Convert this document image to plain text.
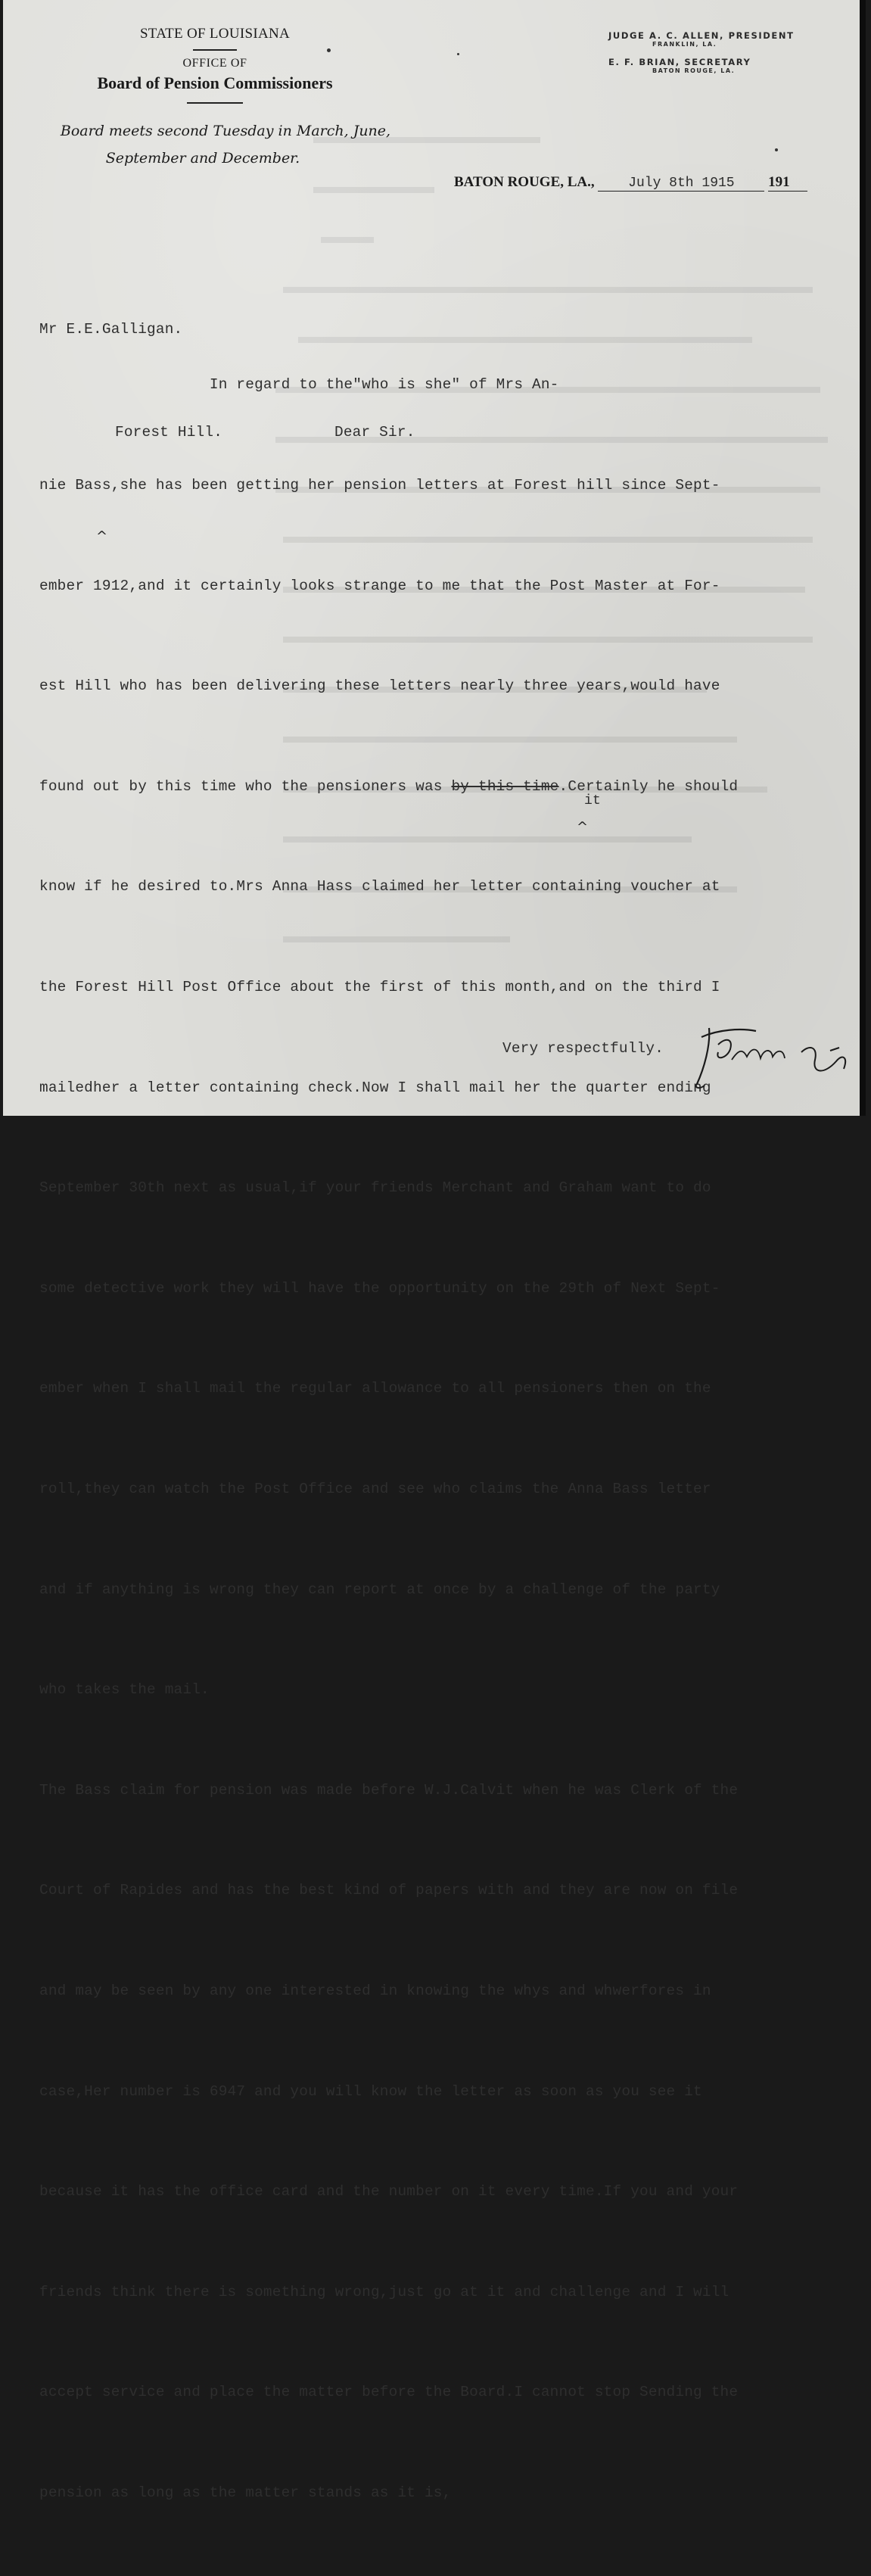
STATE OF LOUISIANA
OFFICE OF
Board of Pension Commissioners
Board meets second Tuesday in March, June,
September and December.
JUDGE A. C. ALLEN, PRESIDENT
FRANKLIN, LA.
E. F. BRIAN, SECRETARY
BATON ROUGE, LA.
BATON ROUGE, LA., July 8th 1915 191

Mr E.E.Galligan.

Forest Hill.

	Dear Sir.

In regard to the"who is she" of Mrs An-

nie Bass,she has been getting her pension letters at Forest hill since Sept-

ember 1912,and it certainly looks strange to me that the Post Master at For-

est Hill who has been delivering these letters nearly three years,would have

found out by this time who the pensioners was by this time.Certainly he should

know if he desired to.Mrs Anna Hass claimed her letter containing voucher at

the Forest Hill Post Office about the first of this month,and on the third I

mailedher a letter containing check.Now I shall mail her the quarter ending

September 30th next as usual,if your friends Merchant and Graham want to do

some detective work they will have the opportunity on the 29th of Next Sept-

ember when I shall mail the regular allowance to all pensioners then on the

roll,they can watch the Post Office and see who claims the Anna Bass letter

and if anything is wrong they can report at once by a challenge of the party

who takes the mail.

The Bass claim for pension was made before W.J.Calvit when he was Clerk of the

Court of Rapides and has the best kind of papers with and they are now on file

and may be seen by any one interested in knowing the whys and whwerfores in

case,Her number is 6947 and you will know the letter as soon as you see it

because it has the office card and the number on it every time.If you and your

friends think there is something wrong,just go at it and challenge and I will

accept service and place the matter before the Board.I cannot stop Sending the

pension as long as the matter stands as it is,

^
^
it
Very respectfully.
